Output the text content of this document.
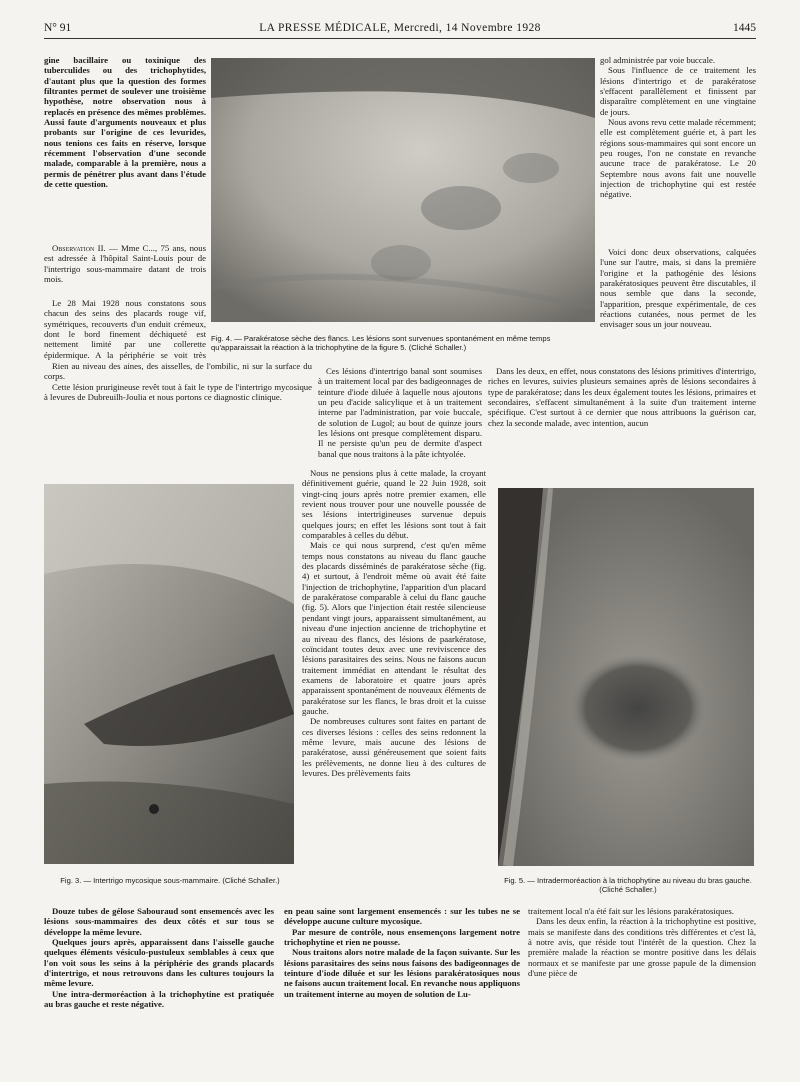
N° 91	LA PRESSE MÉDICALE, Mercredi, 14 Novembre 1928	1445

gine bacillaire ou toxinique des tuberculides ou des trichophytides, d'autant plus que la question des formes filtrantes permet de soulever une troisième hypothèse, notre observation nous à replacés en présence des mêmes problèmes. Aussi faute d'arguments nouveaux et plus probants sur l'origine de ces levurides, nous tenions ces faits en réserve, lorsque récemment l'observation d'une seconde malade, comparable à la première, nous a permis de pénétrer plus avant dans l'étude de cette question.

Observation II. — Mme C..., 75 ans, nous est adressée à l'hôpital Saint-Louis pour de l'intertrigo sous-mammaire datant de trois mois.

Le 28 Mai 1928 nous constatons sous chacun des seins des placards rouge vif, symétriques, recouverts d'un enduit crémeux, dont le bord finement déchiqueté est nettement limité par une collerette épidermique. A la périphérie se voit très

Rien au niveau des aines, des aisselles, de l'ombilic, ni sur la surface du corps.

Cette lésion prurigineuse revêt tout à fait le type de l'intertrigo mycosique à levures de Dubreuilh-Joulia et nous portons ce diagnostic clinique.

Fig. 4. — Parakératose sèche des flancs. Les lésions sont survenues spontanément en même temps qu'apparaissait la réaction à la trichophytine de la figure 5. (Cliché Schaller.)

gol administrée par voie buccale.

Sous l'influence de ce traitement les lésions d'intertrigo et de parakératose s'effacent parallèlement et finissent par disparaître complètement en une vingtaine de jours.

Nous avons revu cette malade récemment; elle est complètement guérie et, à part les régions sous-mammaires qui sont encore un peu rouges, l'on ne constate en revanche aucune trace de parakératose. Le 20 Septembre nous avons fait une nouvelle injection de trichophytine qui est restée négative.

Voici donc deux observations, calquées l'une sur l'autre, mais, si dans la première l'origine et la pathogénie des lésions parakératosiques peuvent être discutables, il nous semble que dans la seconde, l'apparition, presque expérimentale, de ces réactions cutanées, nous permet de les envisager sous un jour nouveau.

Dans les deux, en effet, nous constatons des lésions primitives d'intertrigo, riches en levures, suivies plusieurs semaines après de lésions secondaires à type de parakératose; dans les deux également toutes les lésions, primaires et secondaires, s'effacent simultanément à la suite d'un traitement interne spécifique. C'est surtout à ce dernier que nous attribuons la guérison car, chez la seconde malade, avec intention, aucun

Ces lésions d'intertrigo banal sont soumises à un traitement local par des badigeonnages de teinture d'iode diluée à laquelle nous ajoutons un peu d'acide salicylique et à un traitement interne par l'administration, par voie buccale, de solution de Lugol; au bout de quinze jours les lésions ont presque complètement disparu. Il ne persiste qu'un peu de dermite d'aspect banal que nous traitons à la pâte ichtyolée.

Nous ne pensions plus à cette malade, la croyant définitivement guérie, quand le 22 Juin 1928, soit vingt-cinq jours après notre premier examen, elle revient nous trouver pour une nouvelle poussée de ses lésions intertrigineuses survenue depuis quelques jours; en effet les lésions sont tout à fait comparables à celles du début.

Mais ce qui nous surprend, c'est qu'en même temps nous constatons au niveau du flanc gauche des placards disséminés de parakératose sèche (fig. 4) et surtout, à l'endroit même où avait été faite l'injection de trichophytine, l'apparition d'un placard de parakératose comparable à celui du flanc gauche (fig. 5). Alors que l'injection était restée silencieuse pendant vingt jours, apparaissent simultanément, au niveau d'une injection ancienne de trichophytine et au niveau des flancs, des lésions de paarkératose, coïncidant toutes deux avec une reviviscence des lésions parasitaires des seins. Nous ne faisons aucun traitement immédiat en attendant le résultat des examens de laboratoire et quatre jours après apparaissent spontanément de nouveaux éléments de parakératose sur les flancs, le bras droit et la cuisse gauche.

De nombreuses cultures sont faites en partant de ces diverses lésions : celles des seins redonnent la même levure, mais aucune des lésions de parakératose, aussi généreusement que soient faits les prélèvements, ne donne lieu à des cultures de levures. Des prélèvements faits

Fig. 3. — Intertrigo mycosique sous-mammaire. (Cliché Schaller.)	Fig. 5. — Intradermoréaction à la trichophytine au niveau du bras gauche. (Cliché Schaller.)

Douze tubes de gélose Sabouraud sont ensemencés avec les lésions sous-mammaires des deux côtés et sur tous se développe la même levure.

Quelques jours après, apparaissent dans l'aisselle gauche quelques éléments vésiculo-pustuleux semblables à ceux que l'on voit sous les seins à la périphérie des grands placards d'intertrigo, et nous retrouvons dans les cultures toujours la même levure.

Une intra-dermoréaction à la trichophytine est pratiquée au bras gauche et reste négative.

en peau saine sont largement ensemencés : sur les tubes ne se développe aucune culture mycosique.

Par mesure de contrôle, nous ensemençons largement notre trichophytine et rien ne pousse.

Nous traitons alors notre malade de la façon suivante. Sur les lésions parasitaires des seins nous faisons des badigeonnages de teinture d'iode diluée et sur les lésions parakératosiques nous ne faisons aucun traitement local. En revanche nous appliquons un traitement interne au moyen de solution de Lu-

traitement local n'a été fait sur les lésions parakératosiques.

Dans les deux enfin, la réaction à la trichophytine est positive, mais se manifeste dans des conditions très différentes et c'est là, à notre avis, que réside tout l'intérêt de la question. Chez la première malade la réaction se montre positive dans les délais normaux et se manifeste par une grosse papule de la dimension d'une pièce de
